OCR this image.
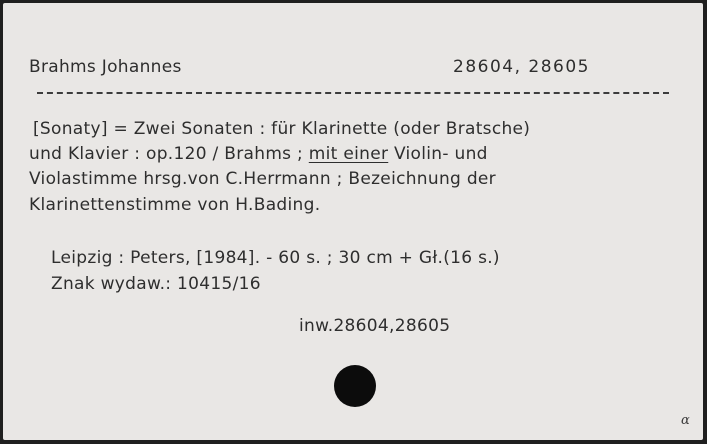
Brahms Johannes	28604, 28605
[Sonaty] = Zwei Sonaten : für Klarinette (oder Bratsche)
und Klavier : op.120 / Brahms ; mit einer Violin- und
Violastimme hrsg.von C.Herrmann ; Bezeichnung der
Klarinettenstimme von H.Bading.
Leipzig : Peters, [1984]. - 60 s. ; 30 cm + Gł.(16 s.)
Znak wydaw.: 10415/16
inw.28604,28605
ɑ
